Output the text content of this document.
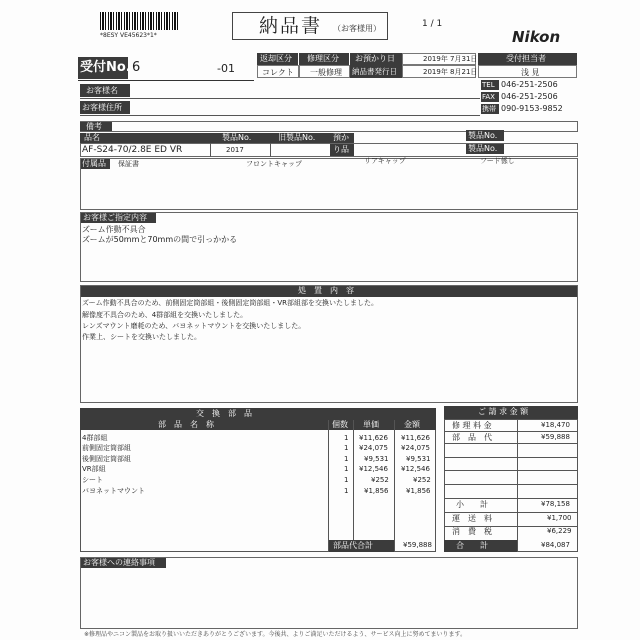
*8ESY VE45623*1*	納品書 （お客様用）	1 / 1
Nikon
受付No. 6	-01
返却区分 修理区分 お預かり日	2019年 7月31日	受付担当者
コレクト 一般修理 納品書発行日	2019年 8月21日	浅 見
TEL 046-251-2506
FAX 046-251-2506
携帯 090-9153-9852
お客様名
お客様住所
備考
品名	製品No.	旧製品No. 預か
り品
製品No.
製品No.
AF-S24-70/2.8E ED VR	2017
付属品 保証書	フロントキャップ	リアキャップ	フード係し
お客様ご指定内容
ズーム作動不具合
ズームが50mmと70mmの間で引っかかる
処　置　内　容
ズーム作動不具合のため、前側固定筒部組・後側固定筒部組・VR部組部を交換いたしました。
解像度不具合のため、4群部組を交換いたしました。
レンズマウント磨耗のため、バヨネットマウントを交換いたしました。
作業上、シートを交換いたしました。
交　換　部　品
部　品　名　称	個数 単価	金額
4群部組	1 ¥11,626 ¥11,626
前側固定筒部組	1 ¥24,075 ¥24,075
後側固定筒部組	1 ¥9,531	¥9,531
VR部組	1 ¥12,546 ¥12,546
シート	1	¥252	¥252
バヨネットマウント	1 ¥1,856	¥1,856
部品代合計	¥59,888
ご 請 求 金 額
修 理 料 金	¥18,470
部　品　代	¥59,888
小　　計	¥78,158
運　送　料	¥1,700
消　費　税	¥6,229
合　　計	¥84,087
お客様への連絡事項
※修理品やニコン製品をお取り扱いいただきありがとうございます。今後共、よりご満足いただけるよう、サービス向上に努めてまいります。
